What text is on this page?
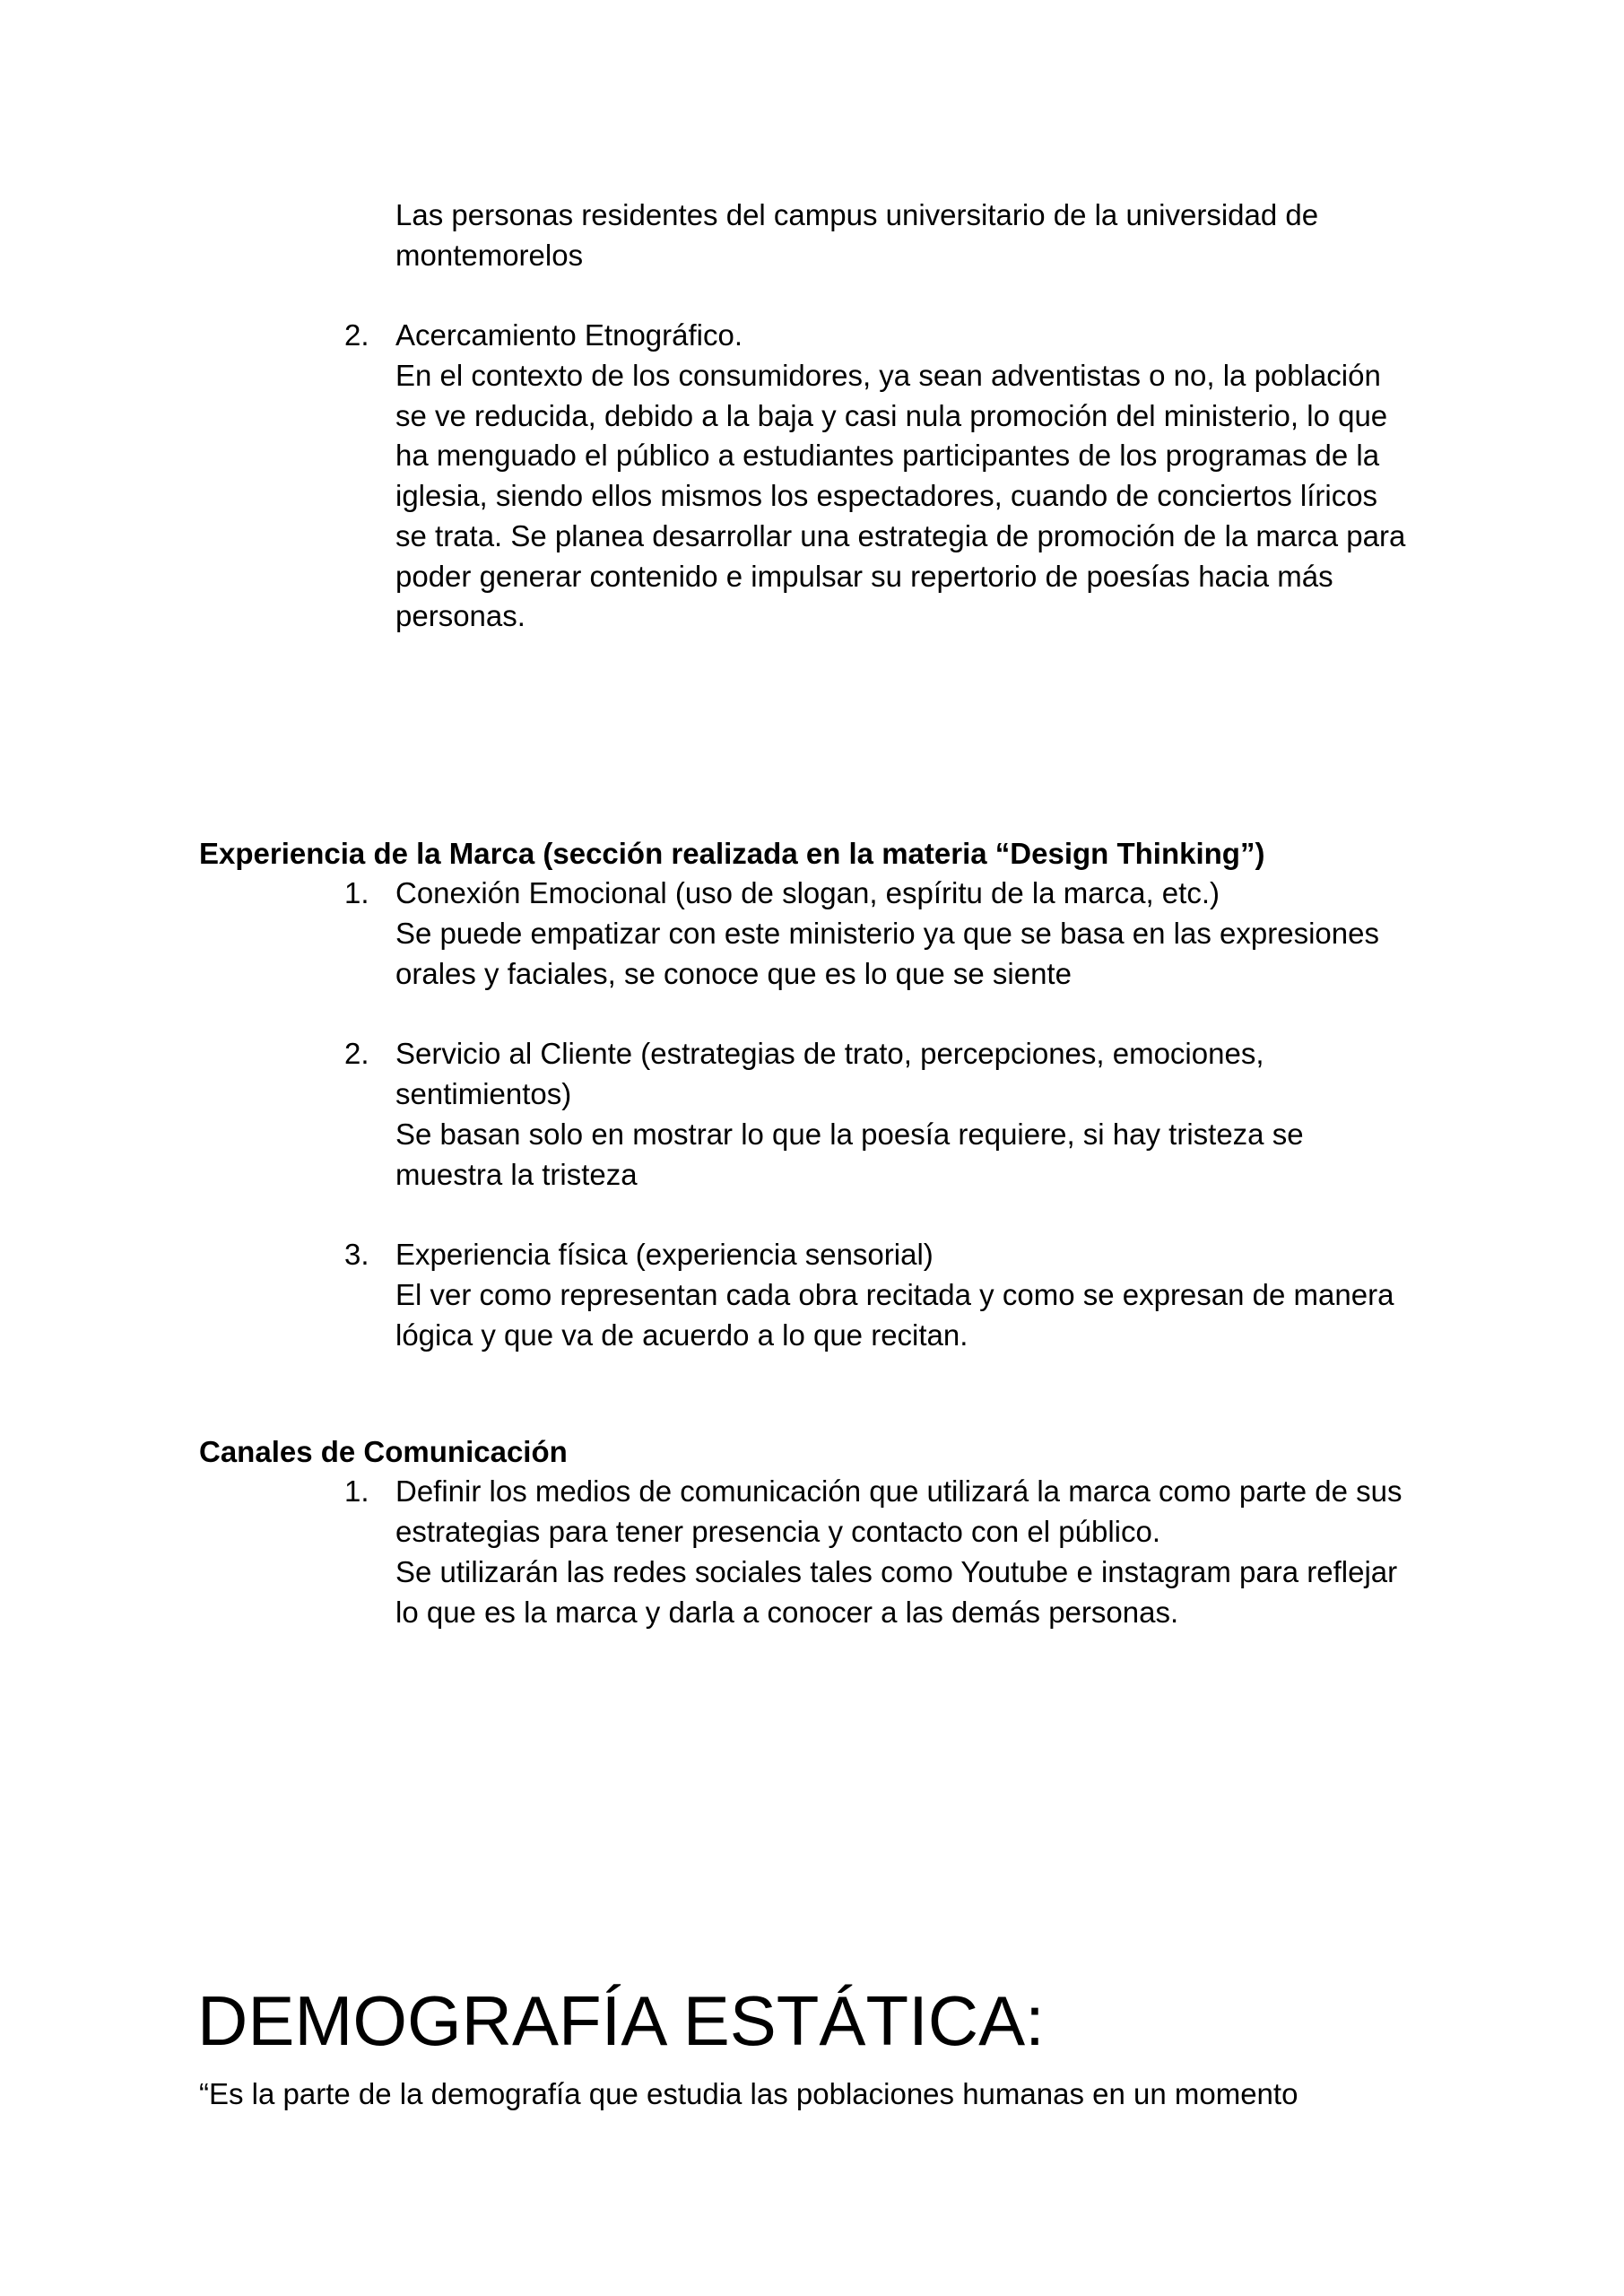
Las personas residentes del campus universitario de la universidad de
montemorelos
2. Acercamiento Etnográfico.
En el contexto de los consumidores, ya sean adventistas o no, la población
se ve reducida, debido a la baja y casi nula promoción del ministerio, lo que
ha menguado el público a estudiantes participantes de los programas de la
iglesia, siendo ellos mismos los espectadores, cuando de conciertos líricos
se trata. Se planea desarrollar una estrategia de promoción de la marca para
poder generar contenido e impulsar su repertorio de poesías hacia más
personas.
Experiencia de la Marca (sección realizada en la materia “Design Thinking”)
1. Conexión Emocional (uso de slogan, espíritu de la marca, etc.)
Se puede empatizar con este ministerio ya que se basa en las expresiones
orales y faciales, se conoce que es lo que se siente
2. Servicio al Cliente (estrategias de trato, percepciones, emociones,
sentimientos)
Se basan solo en mostrar lo que la poesía requiere, si hay tristeza se
muestra la tristeza
3. Experiencia física (experiencia sensorial)
El ver como representan cada obra recitada y como se expresan de manera
lógica y que va de acuerdo a lo que recitan.
Canales de Comunicación
1. Definir los medios de comunicación que utilizará la marca como parte de sus
estrategias para tener presencia y contacto con el público.
Se utilizarán las redes sociales tales como Youtube e instagram para reflejar
lo que es la marca y darla a conocer a las demás personas.
DEMOGRAFÍA ESTÁTICA:
“Es la parte de la demografía que estudia las poblaciones humanas en un momento
